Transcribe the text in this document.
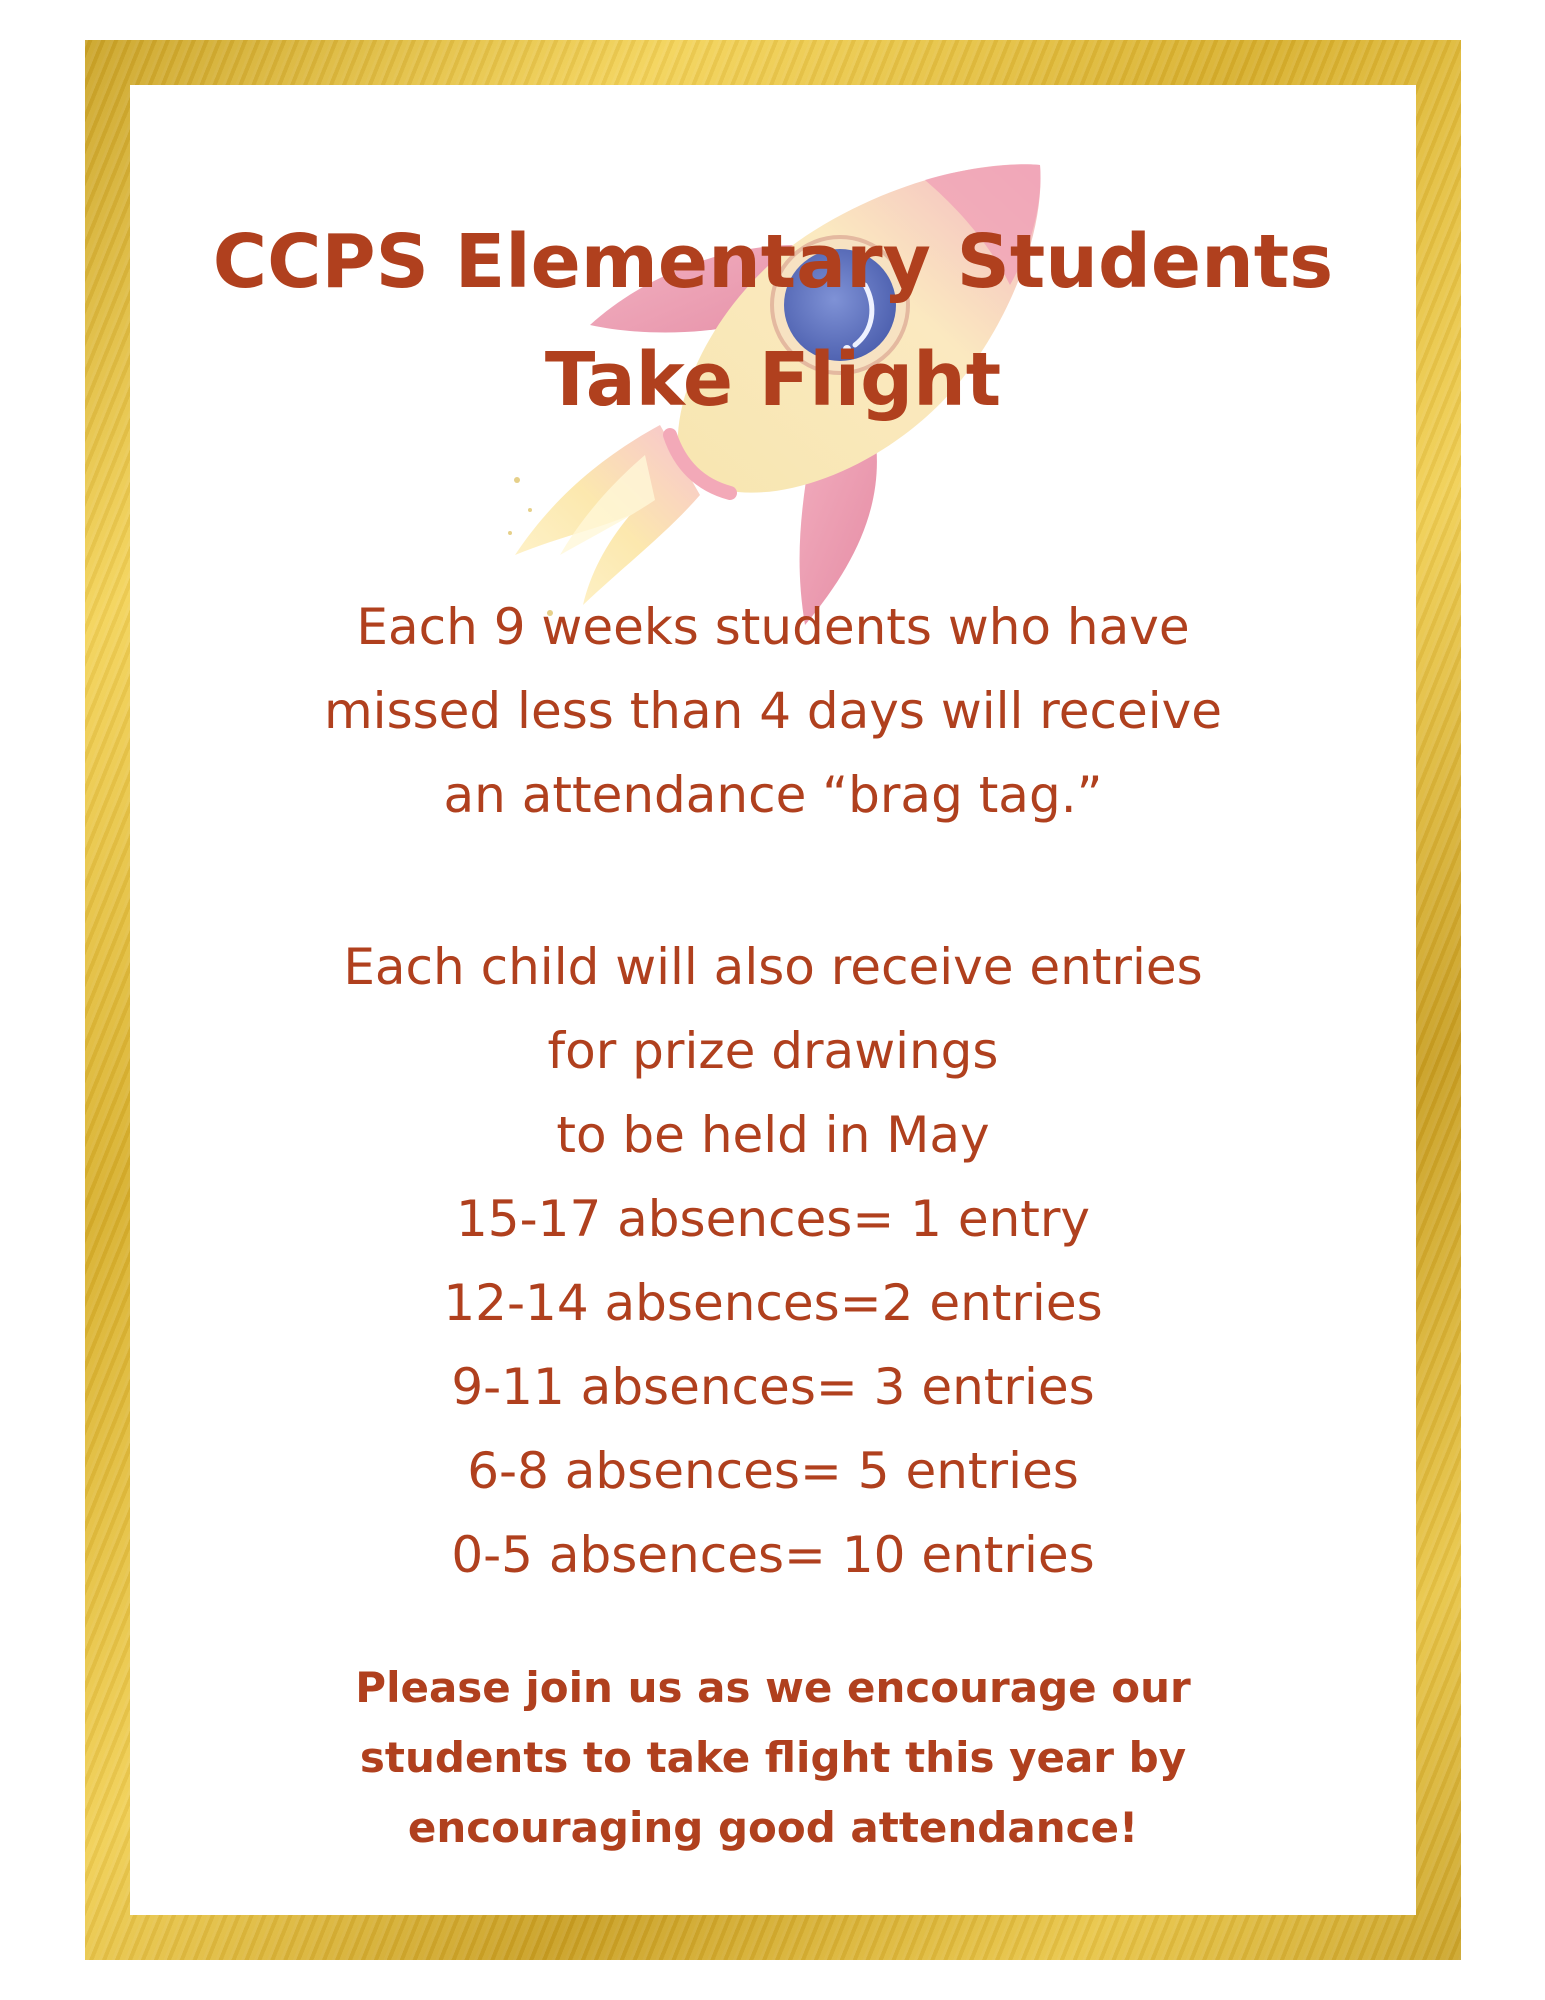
CCPS Elementary Students
Take Flight

Each 9 weeks students who have
missed less than 4 days will receive
an attendance “brag tag.”

Each child will also receive entries
for prize drawings
to be held in May
15-17 absences= 1 entry
12-14 absences=2 entries
9-11 absences= 3 entries
6-8 absences= 5 entries
0-5 absences= 10 entries

Please join us as we encourage our
students to take flight this year by
encouraging good attendance!
